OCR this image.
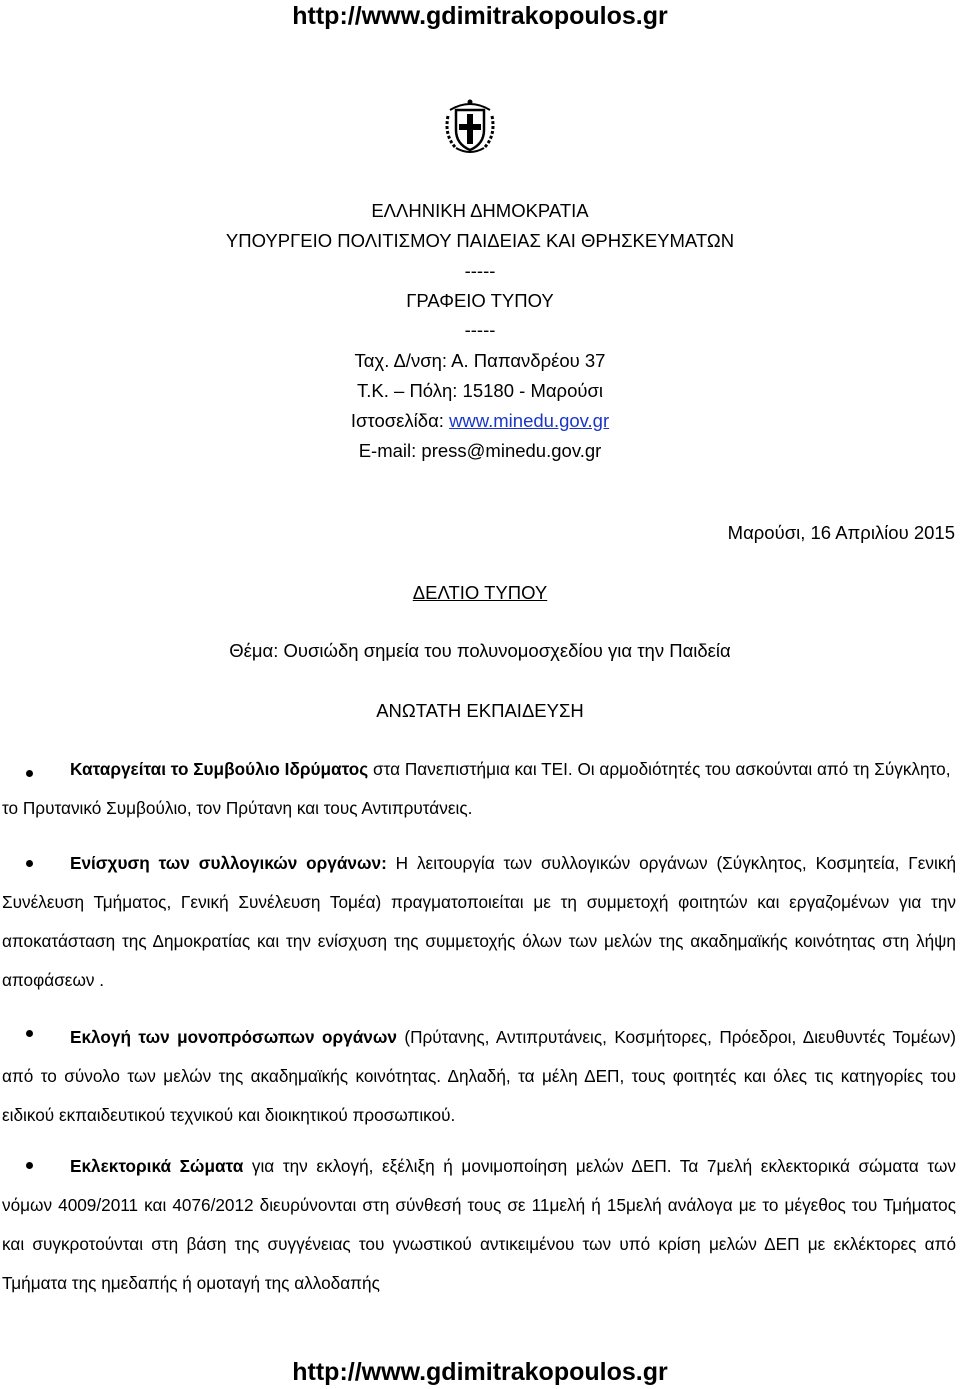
http://www.gdimitrakopoulos.gr
ΕΛΛΗΝΙΚΗ ΔΗΜΟΚΡΑΤΙΑ
ΥΠΟΥΡΓΕΙΟ ΠΟΛΙΤΙΣΜΟΥ ΠΑΙΔΕΙΑΣ ΚΑΙ ΘΡΗΣΚΕΥΜΑΤΩΝ
-----
ΓΡΑΦΕΙΟ ΤΥΠΟΥ
-----
Ταχ. Δ/νση: Α. Παπανδρέου 37
Τ.Κ. – Πόλη: 15180 - Μαρούσι
Ιστοσελίδα: www.minedu.gov.gr
E-mail: press@minedu.gov.gr
Μαρούσι, 16 Απριλίου 2015
ΔΕΛΤΙΟ ΤΥΠΟΥ
Θέμα: Ουσιώδη σημεία του πολυνομοσχεδίου για την Παιδεία
ΑΝΩΤΑΤΗ ΕΚΠΑΙΔΕΥΣΗ
Καταργείται το Συμβούλιο Ιδρύματος στα Πανεπιστήμια και ΤΕΙ. Οι αρμοδιότητές του ασκούνται από τη Σύγκλητο, το Πρυτανικό Συμβούλιο, τον Πρύτανη και τους Αντιπρυτάνεις.
Ενίσχυση των συλλογικών οργάνων: Η λειτουργία των συλλογικών οργάνων (Σύγκλητος, Κοσμητεία, Γενική Συνέλευση Τμήματος, Γενική Συνέλευση Τομέα) πραγματοποιείται με τη συμμετοχή φοιτητών και εργαζομένων για την αποκατάσταση της Δημοκρατίας και την ενίσχυση της συμμετοχής όλων των μελών της ακαδημαϊκής κοινότητας στη λήψη αποφάσεων .
Εκλογή των μονοπρόσωπων οργάνων (Πρύτανης, Αντιπρυτάνεις, Κοσμήτορες, Πρόεδροι, Διευθυντές Τομέων) από το σύνολο των μελών της ακαδημαϊκής κοινότητας. Δηλαδή, τα μέλη ΔΕΠ, τους φοιτητές και όλες τις κατηγορίες του ειδικού εκπαιδευτικού τεχνικού και διοικητικού προσωπικού.
Εκλεκτορικά Σώματα για την εκλογή, εξέλιξη ή μονιμοποίηση μελών ΔΕΠ. Τα 7μελή εκλεκτορικά σώματα των νόμων 4009/2011 και 4076/2012 διευρύνονται στη σύνθεσή τους σε 11μελή ή 15μελή ανάλογα με το μέγεθος του Τμήματος και συγκροτούνται στη βάση της συγγένειας του γνωστικού αντικειμένου των υπό κρίση μελών ΔΕΠ με εκλέκτορες από Τμήματα της ημεδαπής ή ομοταγή της αλλοδαπής
http://www.gdimitrakopoulos.gr
